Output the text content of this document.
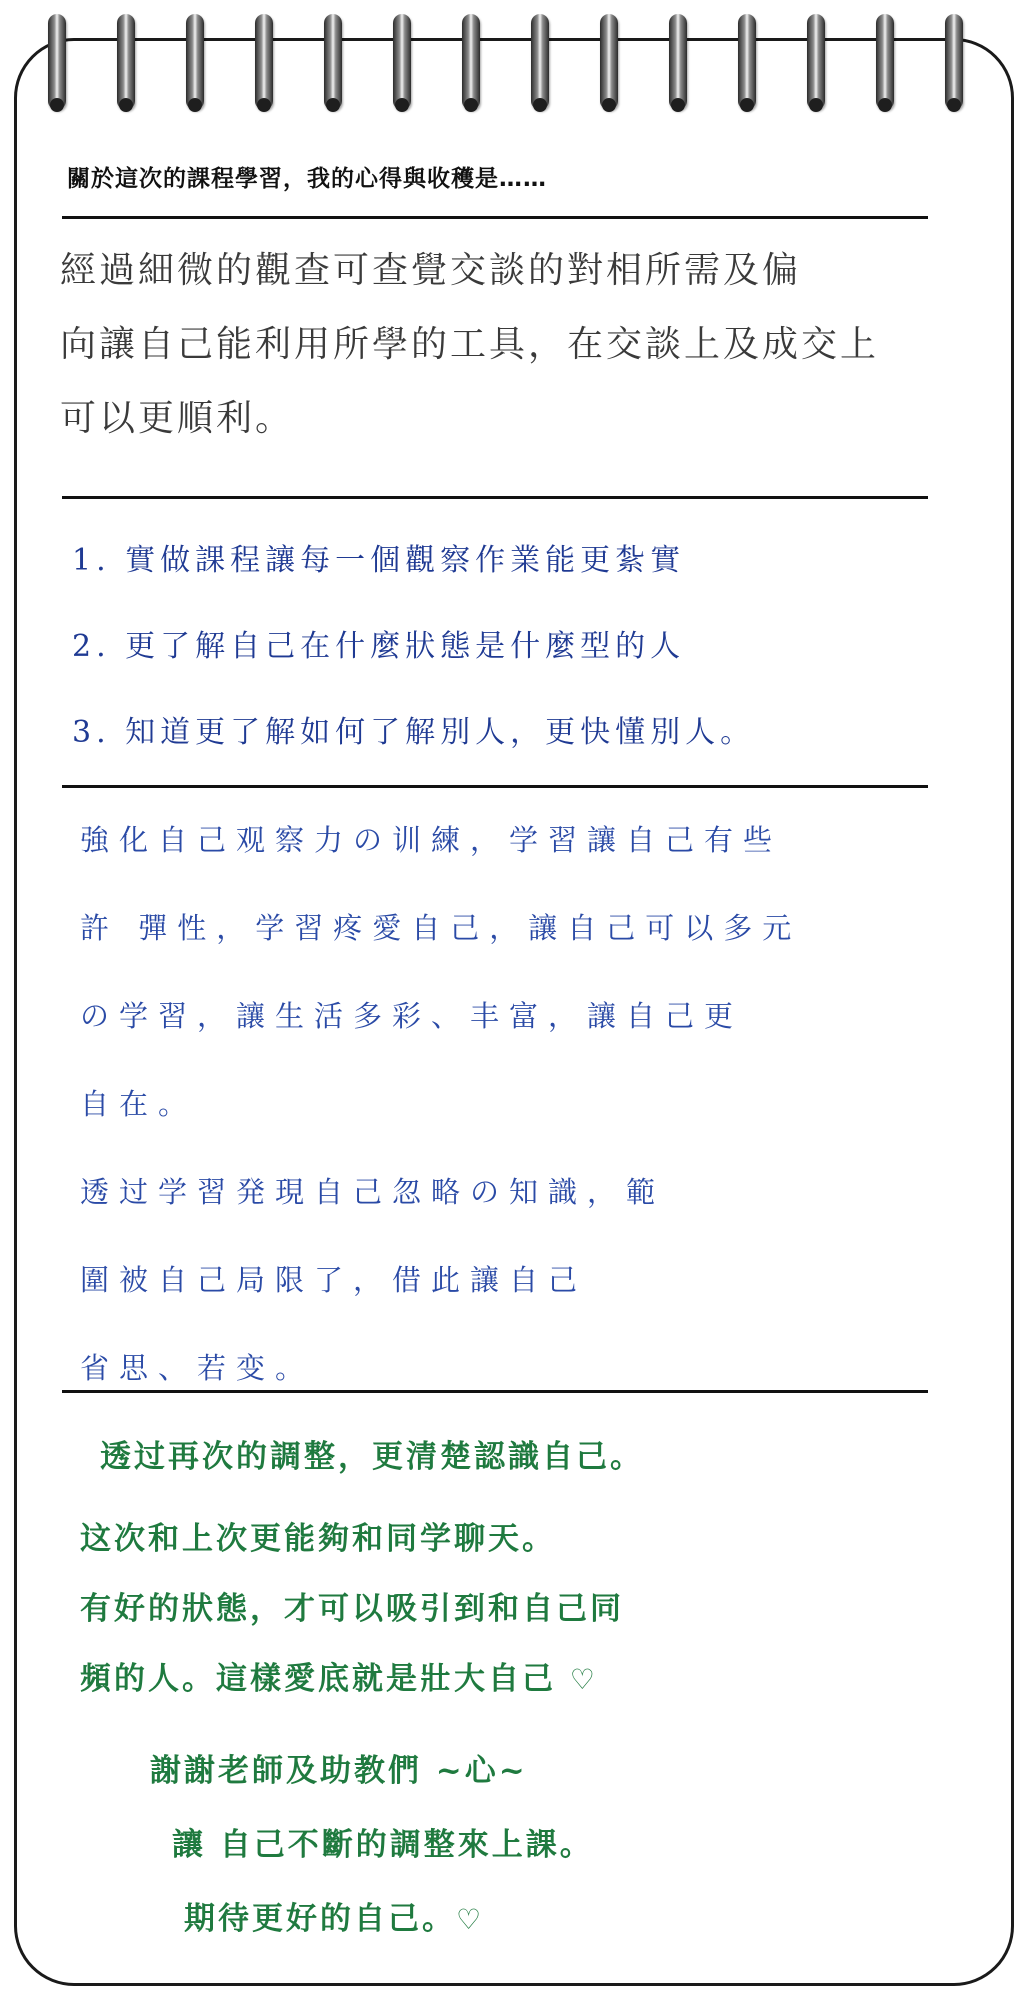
關於這次的課程學習，我的心得與收穫是……
經過細微的觀查可查覺交談的對相所需及偏
向讓自己能利用所學的工具，在交談上及成交上
可以更順利。
1. 實做課程讓每一個觀察作業能更紮實
2. 更了解自己在什麼狀態是什麼型的人
3. 知道更了解如何了解別人，更快懂別人。
強化自己观察力の训練，学習讓自己有些
許 彈性，学習疼愛自己，讓自己可以多元
の学習，讓生活多彩、丰富，讓自己更
自在。
透过学習発現自己忽略の知識，範
圍被自己局限了，借此讓自己
省思、若变。
透过再次的調整，更清楚認識自己。
这次和上次更能夠和同学聊天。
有好的狀態，才可以吸引到和自己同
頻的人。這樣愛底就是壯大自己 ♡
謝謝老師及助教們 ~心~
讓 自己不斷的調整來上課。
期待更好的自己。♡
